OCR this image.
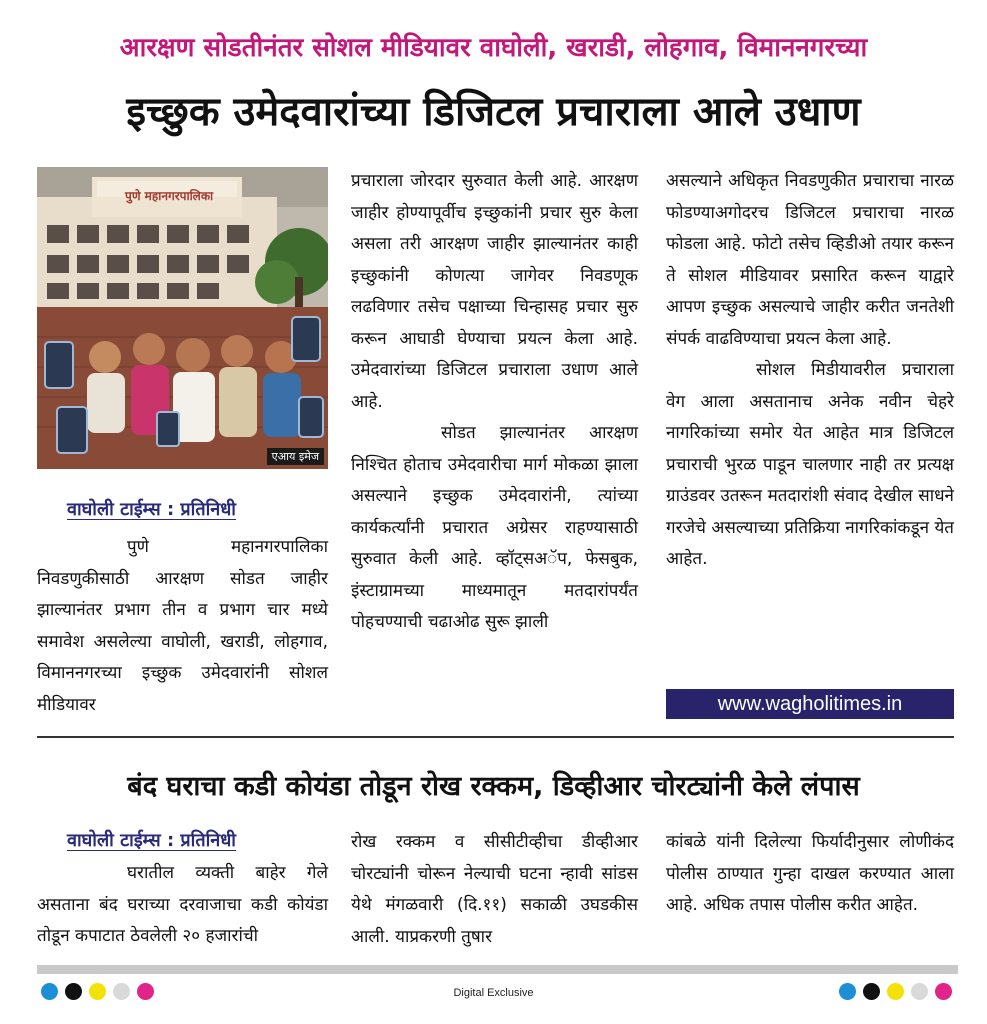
आरक्षण सोडतीनंतर सोशल मीडियावर वाघोली, खराडी, लोहगाव, विमाननगरच्या
इच्छुक उमेदवारांच्या डिजिटल प्रचाराला आले उधाण
पुणे महानगरपालिका
एआय इमेज
वाघोली टाईम्स : प्रतिनिधी

पुणे महानगरपालिका निवडणुकीसाठी आरक्षण सोडत जाहीर झाल्यानंतर प्रभाग तीन व प्रभाग चार मध्ये समावेश असलेल्या वाघोली, खराडी, लोहगाव, विमाननगरच्या इच्छुक उमेदवारांनी सोशल मीडियावर

प्रचाराला जोरदार सुरुवात केली आहे. आरक्षण जाहीर होण्यापूर्वीच इच्छुकांनी प्रचार सुरु केला असला तरी आरक्षण जाहीर झाल्यानंतर काही इच्छुकांनी कोणत्या जागेवर निवडणूक लढविणार तसेच पक्षाच्या चिन्हासह प्रचार सुरु करून आघाडी घेण्याचा प्रयत्न केला आहे. उमेदवारांच्या डिजिटल प्रचाराला उधाण आले आहे.

सोडत झाल्यानंतर आरक्षण निश्चित होताच उमेदवारीचा मार्ग मोकळा झाला असल्याने इच्छुक उमेदवारांनी, त्यांच्या कार्यकर्त्यांनी प्रचारात अग्रेसर राहण्यासाठी सुरुवात केली आहे. व्हॉट्सअॅप, फेसबुक, इंस्टाग्रामच्या माध्यमातून मतदारांपर्यंत पोहचण्याची चढाओढ सुरू झाली

असल्याने अधिकृत निवडणुकीत प्रचाराचा नारळ फोडण्याअगोदरच डिजिटल प्रचाराचा नारळ फोडला आहे. फोटो तसेच व्हिडीओ तयार करून ते सोशल मीडियावर प्रसारित करून याद्वारे आपण इच्छुक असल्याचे जाहीर करीत जनतेशी संपर्क वाढविण्याचा प्रयत्न केला आहे.

सोशल मिडीयावरील प्रचाराला वेग आला असतानाच अनेक नवीन चेहरे नागरिकांच्या समोर येत आहेत मात्र डिजिटल प्रचाराची भुरळ पाडून चालणार नाही तर प्रत्यक्ष ग्राउंडवर उतरून मतदारांशी संवाद देखील साधने गरजेचे असल्याच्या प्रतिक्रिया नागरिकांकडून येत आहेत.

www.wagholitimes.in
बंद घराचा कडी कोयंडा तोडून रोख रक्कम, डिव्हीआर चोरट्यांनी केले लंपास
वाघोली टाईम्स : प्रतिनिधी

घरातील व्यक्ती बाहेर गेले असताना बंद घराच्या दरवाजाचा कडी कोयंडा तोडून कपाटात ठेवलेली २० हजारांची

रोख रक्कम व सीसीटीव्हीचा डीव्हीआर चोरट्यांनी चोरून नेल्याची घटना न्हावी सांडस येथे मंगळवारी (दि.११) सकाळी उघडकीस आली. याप्रकरणी तुषार

कांबळे यांनी दिलेल्या फिर्यादीनुसार लोणीकंद पोलीस ठाण्यात गुन्हा दाखल करण्यात आला आहे. अधिक तपास पोलीस करीत आहेत.

Digital Exclusive
